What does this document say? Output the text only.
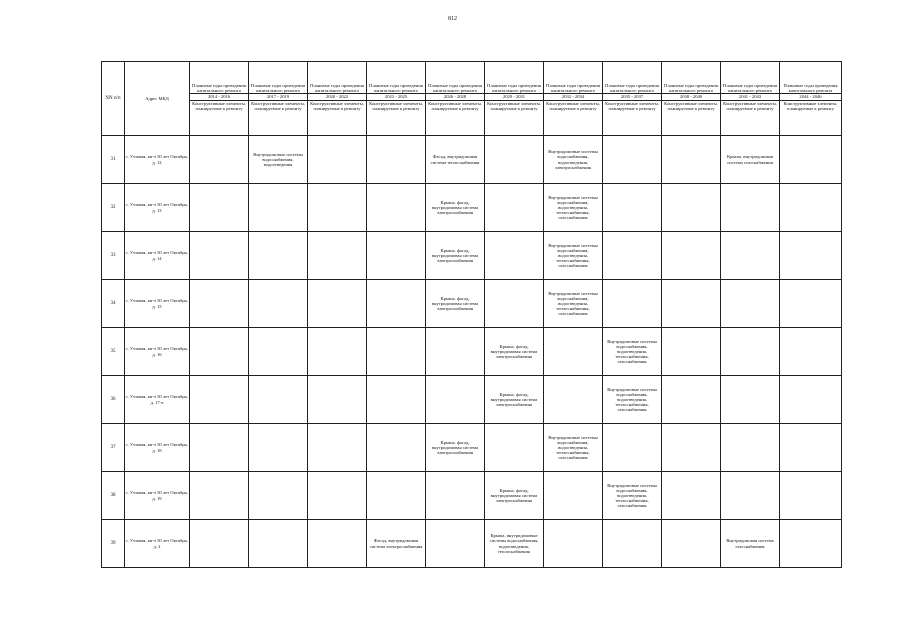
812
NN п/п	Адрес МКД	Плановые годы проведения капитального ремонта	Плановые годы проведения капитального ремонта	Плановые годы проведения капитального ремонта	Плановые годы проведения капитального ремонта	Плановые годы проведения капитального ремонта	Плановые годы проведения капитального ремонта	Плановые годы проведения капитального ремонта	Плановые годы проведения капитального ремонта	Плановые годы проведения капитального ремонта	Плановые годы проведения капитального ремонта	Плановые годы проведения капитального ремонта
		2014 - 2016	2017 - 2019	2020 - 2022	2023 - 2025	2026 - 2028	2029 - 2031	2032 - 2034	2035 - 2037	2038 - 2040	2041 - 2043	2044 - 2046
		Конструктивные элементы, планируемые к ремонту	Конструктивные элементы, планируемые к ремонту	Конструктивные элементы, планируемые к ремонту	Конструктивные элементы, планируемые к ремонту	Конструктивные элементы, планируемые к ремонту	Конструктивные элементы, планируемые к ремонту	Конструктивные элементы, планируемые к ремонту	Конструктивные элементы, планируемые к ремонту	Конструктивные элементы, планируемые к ремонту	Конструктивные элементы, планируемые к ремонту	Конструктивные элементы, планируемые к ремонту
31	г. Узловая, кв-л 50 лет Октября, д. 12		Внутридомовые системы водоснабжения, водоотведения			Фасад, внутридомовая система теплоснабжения		Внутридомовые системы водоснабжения, водоотведения, электроснабжения			Крыша, внутридомовая система газоснабжения	
32	г. Узловая, кв-л 50 лет Октября, д. 13					Крыша, фасад, внутридомовая система электроснабжения		Внутридомовые системы водоснабжения, водоотведения, теплоснабжения, газоснабжения				
33	г. Узловая, кв-л 50 лет Октября, д. 14					Крыша, фасад, внутридомовая система электроснабжения		Внутридомовые системы водоснабжения, водоотведения, теплоснабжения, газоснабжения				
34	г. Узловая, кв-л 50 лет Октября, д. 15					Крыша, фасад, внутридомовая система электроснабжения		Внутридомовые системы водоснабжения, водоотведения, теплоснабжения, газоснабжения				
35	г. Узловая, кв-л 50 лет Октября, д. 16						Крыша, фасад, внутридомовая система электроснабжения		Внутридомовые системы водоснабжения, водоотведения, теплоснабжения, газоснабжения			
36	г. Узловая, кв-л 50 лет Октября, д. 17-а						Крыша, фасад, внутридомовая система электроснабжения		Внутридомовые системы водоснабжения, водоотведения, теплоснабжения, газоснабжения			
37	г. Узловая, кв-л 50 лет Октября, д. 18					Крыша, фасад, внутридомовая система электроснабжения		Внутридомовые системы водоснабжения, водоотведения, теплоснабжения, газоснабжения				
38	г. Узловая, кв-л 50 лет Октября, д. 19						Крыша, фасад, внутридомовая система электроснабжения		Внутридомовые системы водоснабжения, водоотведения, теплоснабжения, газоснабжения			
39	г. Узловая, кв-л 50 лет Октября, д. 2				Фасад, внутридомовая система электроснабжения		Крыша, внутридомовые системы водоснабжения, водоотведения, теплоснабжения				Внутридомовая система газоснабжения	
